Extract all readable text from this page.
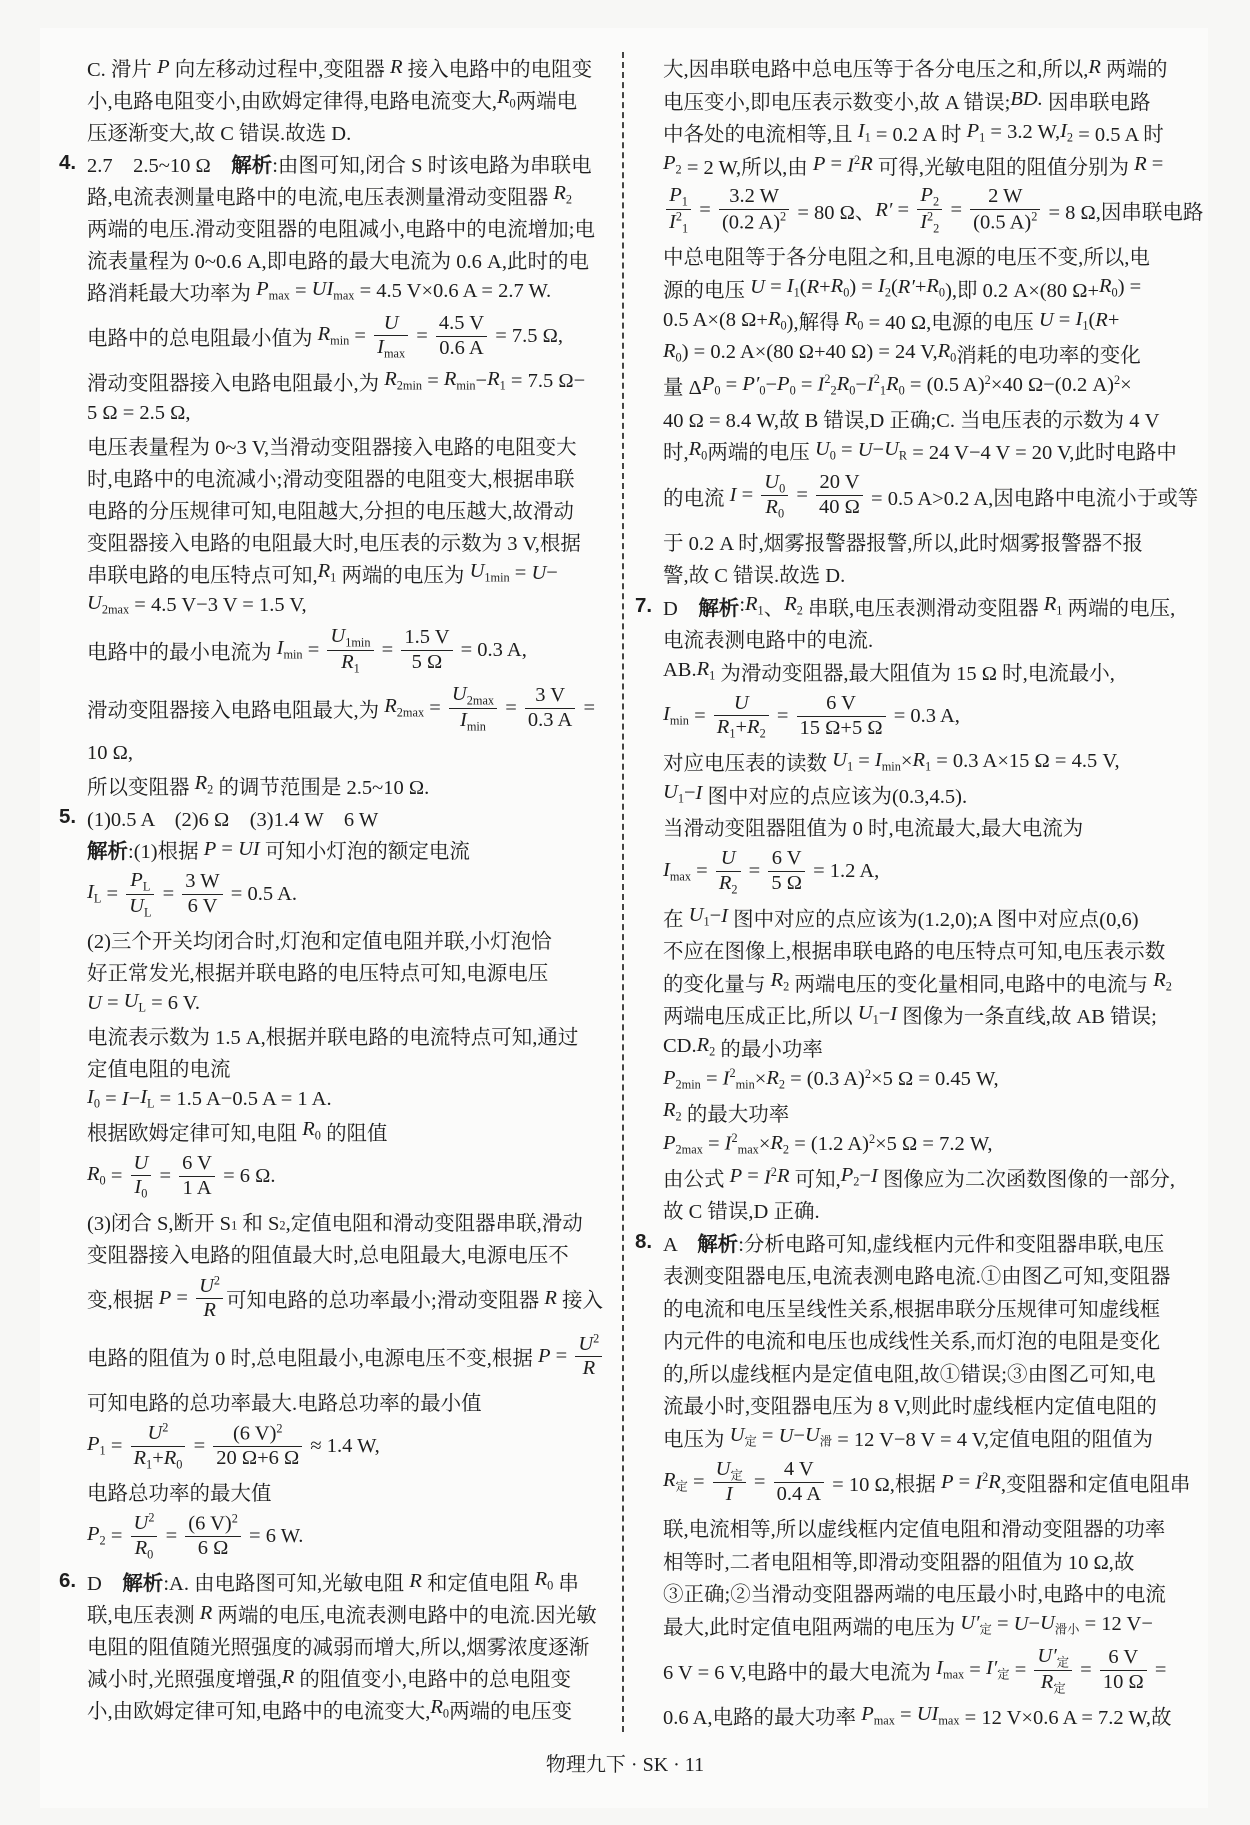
C. 滑片 P 向左移动过程中,变阻器 R 接入电路中的电阻变
小,电路电阻变小,由欧姆定律得,电路电流变大, $R_0$ 两端电
压逐渐变大,故 C 错误.故选 D.
4. 2.7　2.5~10 Ω　 解析 :由图可知,闭合 S 时该电路为串联电
路,电流表测量电路中的电流,电压表测量滑动变阻器 $R_2$
两端的电压.滑动变阻器的电阻减小,电路中的电流增加;电
流表量程为 0~0.6 A,即电路的最大电流为 0.6 A,此时的电
路消耗最大功率为 $P_{max} = UI_{max} = 4.5$ V×0.6 A = 2.7 W.
电路中的总电阻最小值为 $R_{min} = \frac{U}{I_{max}} = \frac{4.5 V}{0.6 A} = 7.5$ Ω,
滑动变阻器接入电路电阻最小,为 $R_{2min} = R_{min} - R_1 = 7.5$ Ω−
5 Ω = 2.5 Ω,
电压表量程为 0~3 V,当滑动变阻器接入电路的电阻变大
时,电路中的电流减小;滑动变阻器的电阻变大,根据串联
电路的分压规律可知,电阻越大,分担的电压越大,故滑动
变阻器接入电路的电阻最大时,电压表的示数为 3 V,根据
串联电路的电压特点可知, $R_1$ 两端的电压为 $U_{1min} = U$ −
$U_{2max} = 4.5$ V−3 V = 1.5 V,
电路中的最小电流为 $I_{min} = \frac{U_{1min}}{R_1} = \frac{1.5 V}{5 \Omega} = 0.3$ A,
滑动变阻器接入电路电阻最大,为 $R_{2max} = \frac{U_{2max}}{I_{min}} = \frac{3 V}{0.3 A}$ =
10 Ω,
所以变阻器 $R_2$ 的调节范围是 2.5~10 Ω.
5. (1)0.5 A　(2)6 Ω　(3)1.4 W　6 W
解析 :(1)根据 P = UI 可知小灯泡的额定电流
$I_L = \frac{P_L}{U_L} = \frac{3 W}{6 V} = 0.5$ A.
(2)三个开关均闭合时,灯泡和定值电阻并联,小灯泡恰
好正常发光,根据并联电路的电压特点可知,电源电压
$U = U_L = 6$ V.
电流表示数为 1.5 A,根据并联电路的电流特点可知,通过
定值电阻的电流
$I_0 = I - I_L = 1.5$ A−0.5 A = 1 A.
根据欧姆定律可知,电阻 $R_0$ 的阻值
$R_0 = \frac{U}{I_0} = \frac{6 V}{1 A} = 6$ Ω.
(3)闭合 S,断开 S $_1$ 和 S $_2$ ,定值电阻和滑动变阻器串联,滑动
变阻器接入电路的阻值最大时,总电阻最大,电源电压不
变,根据 $P = \frac{U^2}{R}$ 可知电路的总功率最小;滑动变阻器 R 接入
电路的阻值为 0 时,总电阻最小,电源电压不变,根据 $P = \frac{U^2}{R}$
可知电路的总功率最大.电路总功率的最小值
$P_1 = \frac{U^2}{R_1+R_0} = \frac{(6 V)^2}{20 \Omega+6 \Omega} \approx 1.4$ W,
电路总功率的最大值
$P_2 = \frac{U^2}{R_0} = \frac{(6 V)^2}{6 \Omega} = 6$ W.
6. D　 解析 :A. 由电路图可知,光敏电阻 R 和定值电阻 $R_0$ 串
联,电压表测 R 两端的电压,电流表测电路中的电流.因光敏
电阻的阻值随光照强度的减弱而增大,所以,烟雾浓度逐渐
减小时,光照强度增强, R 的阻值变小,电路中的总电阻变
小,由欧姆定律可知,电路中的电流变大, $R_0$ 两端的电压变
大,因串联电路中总电压等于各分电压之和,所以, R 两端的
电压变小,即电压表示数变小,故 A 错误; BD. 因串联电路
中各处的电流相等,且 $I_1 = 0.2$ A 时 $P_1 = 3.2$ W, $I_2 = 0.5$ A 时
$P_2 = 2$ W,所以,由 $P = I^2$ R 可得,光敏电阻的阻值分别为 R =
$\frac{P_1}{I^2_1} = \frac{3.2 W}{(0.2 A)^2} = 80$ Ω、 $R' = \frac{P_2}{I^2_2} = \frac{2 W}{(0.5 A)^2} = 8$ Ω,因串联电路
中总电阻等于各分电阻之和,且电源的电压不变,所以,电
源的电压 $U = I_1$ ( $R + R_0$ ) = $I_2$ ( $R' + R_0$ ),即 0.2 A×(80 $\Omega+ R_0$ ) =
0.5 A×(8 $\Omega+ R_0$ ),解得 $R_0 = 40$ Ω,电源的电压 $U = I_1$ ( R +
$R_0$ ) = 0.2 A×(80 Ω+40 Ω) = 24 V, $R_0$ 消耗的电功率的变化
量 Δ $P_0 = P'_0 - P_0 = I^2_2$ $R_0 - I^2_1$ $R_0 = (0.5$ A) $^2$ ×40 Ω−(0.2 A) $^2$ ×
40 Ω = 8.4 W,故 B 错误,D 正确;C. 当电压表的示数为 4 V
时, $R_0$ 两端的电压 $U_0 = U - U_R = 24$ V−4 V = 20 V,此时电路中
的电流 $I = \frac{U_0}{R_0} = \frac{20 V}{40 \Omega} = 0.5$ A>0.2 A,因电路中电流小于或等
于 0.2 A 时,烟雾报警器报警,所以,此时烟雾报警器不报
警,故 C 错误.故选 D.
7. D　 解析 : $R_1$ 、 $R_2$ 串联,电压表测滑动变阻器 $R_1$ 两端的电压,
电流表测电路中的电流.
AB. $R_1$ 为滑动变阻器,最大阻值为 15 Ω 时,电流最小,
$I_{min} = \frac{U}{R_1+R_2} = \frac{6 V}{15 \Omega+5 \Omega} = 0.3$ A,
对应电压表的读数 $U_1 = I_{min} \times R_1 = 0.3$ A×15 Ω = 4.5 V,
$U_1 - I$ 图中对应的点应该为(0.3,4.5).
当滑动变阻器阻值为 0 时,电流最大,最大电流为
$I_{max} = \frac{U}{R_2} = \frac{6 V}{5 \Omega} = 1.2$ A,
在 $U_1 - I$ 图中对应的点应该为(1.2,0);A 图中对应点(0,6)
不应在图像上,根据串联电路的电压特点可知,电压表示数
的变化量与 $R_2$ 两端电压的变化量相同,电路中的电流与 $R_2$
两端电压成正比,所以 $U_1 - I$ 图像为一条直线,故 AB 错误;
CD. $R_2$ 的最小功率
$P_{2min} = I^2_{min} \times R_2 = (0.3$ A) $^2$ ×5 Ω = 0.45 W,
$R_2$ 的最大功率
$P_{2max} = I^2_{max} \times R_2 = (1.2$ A) $^2$ ×5 Ω = 7.2 W,
由公式 $P = I^2$ R 可知, $P_2 - I$ 图像应为二次函数图像的一部分,
故 C 错误,D 正确.
8. A　 解析 :分析电路可知,虚线框内元件和变阻器串联,电压
表测变阻器电压,电流表测电路电流.①由图乙可知,变阻器
的电流和电压呈线性关系,根据串联分压规律可知虚线框
内元件的电流和电压也成线性关系,而灯泡的电阻是变化
的,所以虚线框内是定值电阻,故①错误;③由图乙可知,电
流最小时,变阻器电压为 8 V,则此时虚线框内定值电阻的
电压为 $U_定 = U - U_滑 = 12$ V−8 V = 4 V,定值电阻的阻值为
$R_定 = \frac{U_定}{I} = \frac{4 V}{0.4 A} = 10$ Ω,根据 $P = I^2$ R ,变阻器和定值电阻串
联,电流相等,所以虚线框内定值电阻和滑动变阻器的功率
相等时,二者电阻相等,即滑动变阻器的阻值为 10 Ω,故
③正确;②当滑动变阻器两端的电压最小时,电路中的电流
最大,此时定值电阻两端的电压为 $U'_定 = U - U_{滑小} = 12$ V−
6 V = 6 V,电路中的最大电流为 $I_{max} = I'_定 = \frac{U'_定}{R_定} = \frac{6 V}{10 \Omega}$ =
0.6 A,电路的最大功率 $P_{max} = UI_{max} = 12$ V×0.6 A = 7.2 W,故
物理九下 · SK · 11
